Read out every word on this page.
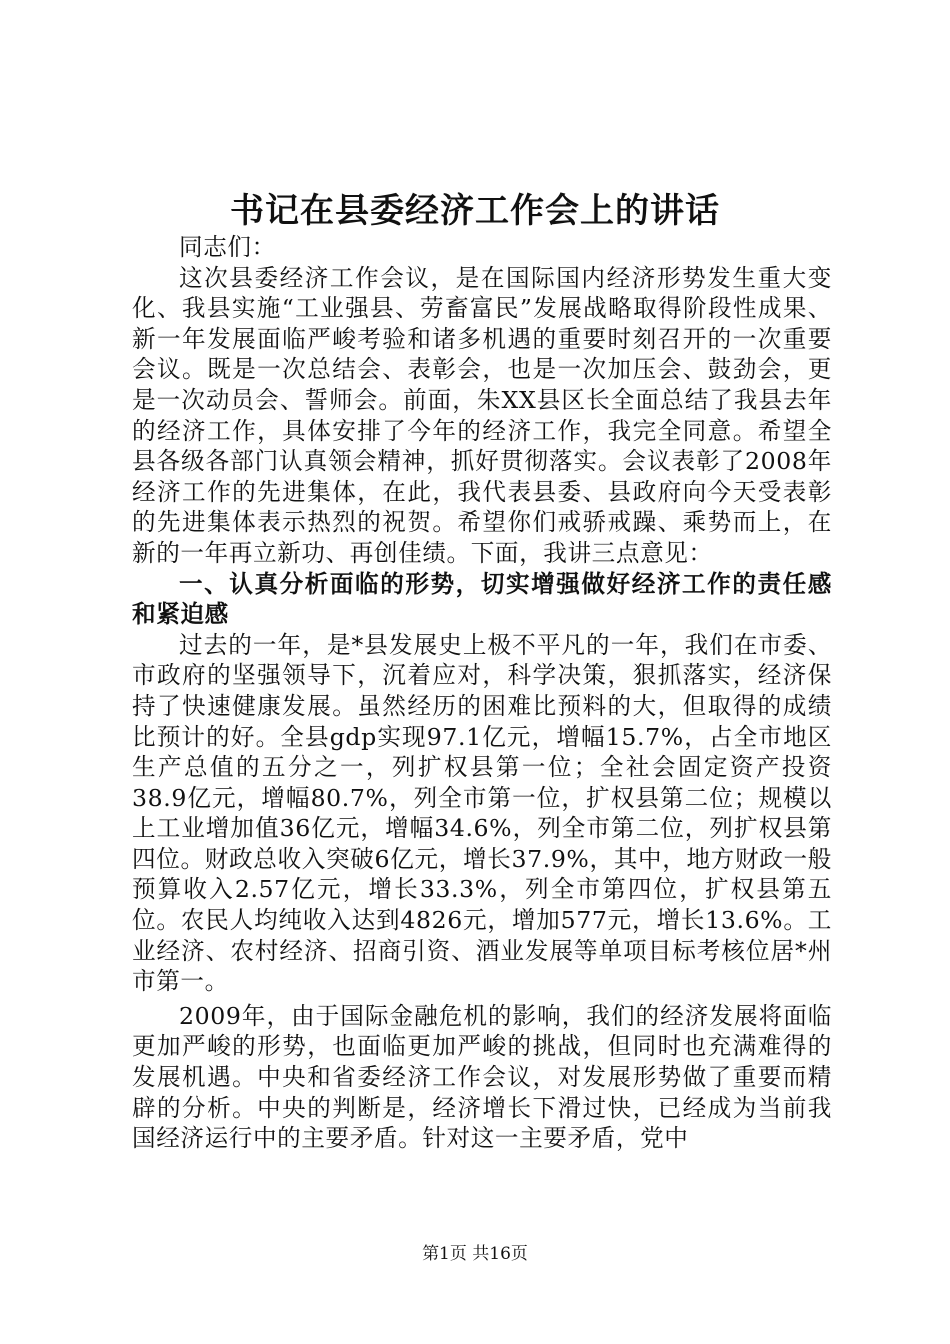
书记在县委经济工作会上的讲话

同志们：

这次县委经济工作会议，是在国际国内经济形势发生重大变化、我县实施“工业强县、劳畜富民”发展战略取得阶段性成果、新一年发展面临严峻考验和诸多机遇的重要时刻召开的一次重要会议。既是一次总结会、表彰会，也是一次加压会、鼓劲会，更是一次动员会、誓师会。前面，朱XX县区长全面总结了我县去年的经济工作，具体安排了今年的经济工作，我完全同意。希望全县各级各部门认真领会精神，抓好贯彻落实。会议表彰了2008年经济工作的先进集体，在此，我代表县委、县政府向今天受表彰的先进集体表示热烈的祝贺。希望你们戒骄戒躁、乘势而上，在新的一年再立新功、再创佳绩。下面，我讲三点意见：

一、认真分析面临的形势，切实增强做好经济工作的责任感和紧迫感

过去的一年，是*县发展史上极不平凡的一年，我们在市委、市政府的坚强领导下，沉着应对，科学决策，狠抓落实，经济保持了快速健康发展。虽然经历的困难比预料的大，但取得的成绩比预计的好。全县gdp实现97.1亿元，增幅15.7%，占全市地区生产总值的五分之一，列扩权县第一位；全社会固定资产投资38.9亿元，增幅80.7%，列全市第一位，扩权县第二位；规模以上工业增加值36亿元，增幅34.6%，列全市第二位，列扩权县第四位。财政总收入突破6亿元，增长37.9%，其中，地方财政一般预算收入2.57亿元，增长33.3%，列全市第四位，扩权县第五位。农民人均纯收入达到4826元，增加577元，增长13.6%。工业经济、农村经济、招商引资、酒业发展等单项目标考核位居*州市第一。

2009年，由于国际金融危机的影响，我们的经济发展将面临更加严峻的形势，也面临更加严峻的挑战，但同时也充满难得的发展机遇。中央和省委经济工作会议，对发展形势做了重要而精辟的分析。中央的判断是，经济增长下滑过快，已经成为当前我国经济运行中的主要矛盾。针对这一主要矛盾，党中

第1页 共16页
